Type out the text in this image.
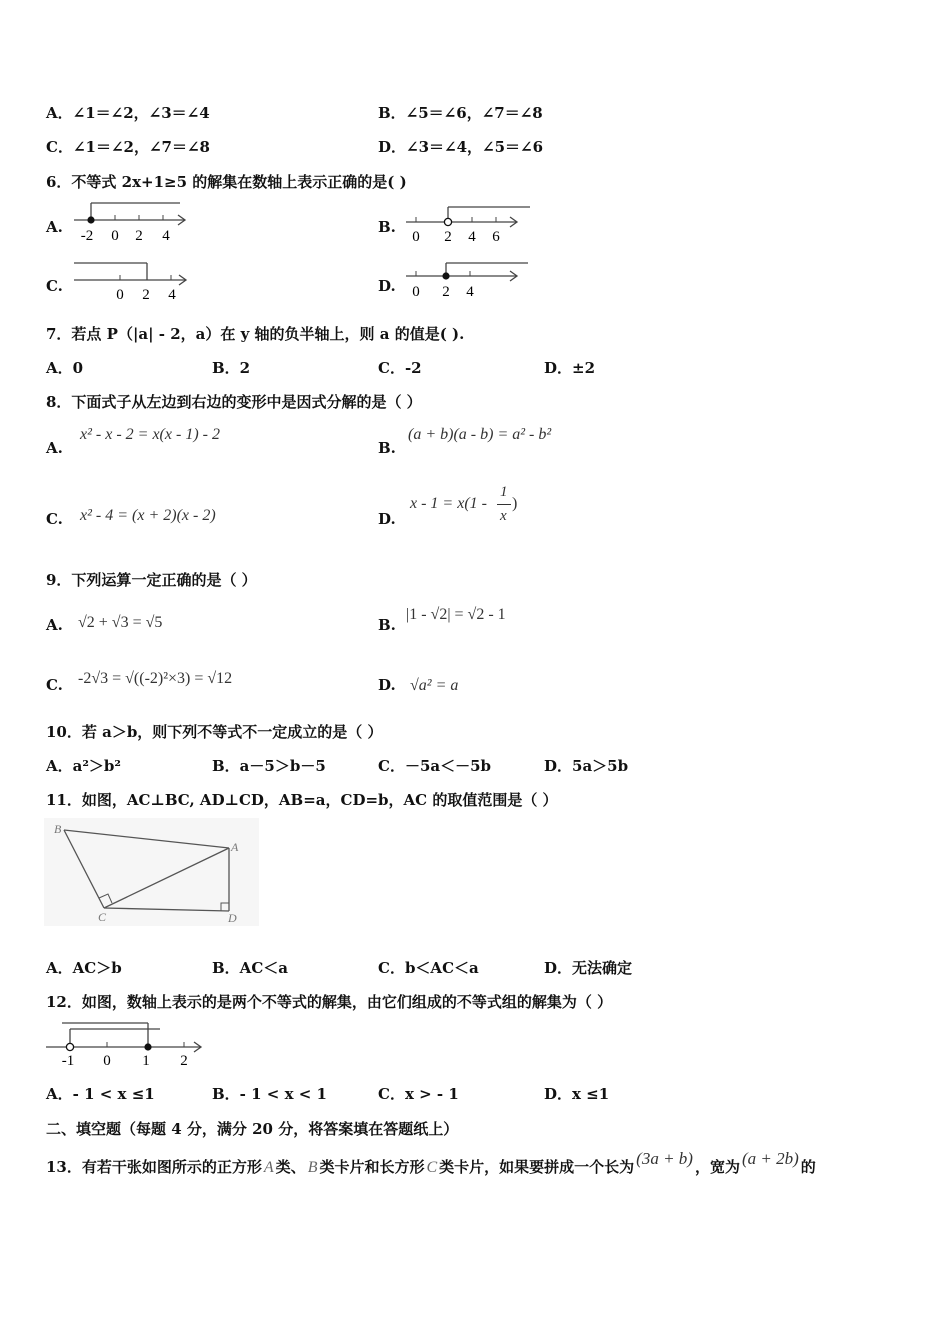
A．∠1＝∠2，∠3＝∠4	B．∠5＝∠6，∠7＝∠8
C．∠1＝∠2，∠7＝∠8	D．∠3＝∠4，∠5＝∠6
6．不等式 2x+1≥5 的解集在数轴上表示正确的是( )
A. -2 0 2 4	B.
0 2 4 6
C.	0 2 4	D. 0 2 4
7．若点 P（|a| - 2，a）在 y 轴的负半轴上，则 a 的值是( ).
A．0	B．2	C．-2	D．±2
8．下面式子从左边到右边的变形中是因式分解的是（ ）
A.
x² - x - 2 = x(x - 1) - 2
B.
(a + b)(a - b) = a² - b²
C. x² - 4 = (x + 2)(x - 2)	D.
x - 1 = x(1 -
1
x
)
9．下列运算一定正确的是（ ）
A. √2 + √3 = √5	B.
|1 - √2| = √2 - 1
C. -2√3 = √((-2)²×3) = √12	D. √a² = a
10．若 a＞b，则下列不等式不一定成立的是（ ）
A．a²＞b²	B．a－5＞b－5	C．－5a＜－5b	D．5a＞5b
11．如图，AC⊥BC, AD⊥CD，AB=a，CD=b，AC 的取值范围是（ ）
B
A
C	D
A．AC＞b	B．AC＜a	C．b＜AC＜a	D．无法确定
12．如图，数轴上表示的是两个不等式的解集，由它们组成的不等式组的解集为（ ）
-1 0 1 2
A．- 1 < x ≤1	B．- 1 < x < 1	C．x > - 1	D．x ≤1
二、填空题（每题 4 分，满分 20 分，将答案填在答题纸上）
13．有若干张如图所示的正方形 A 类、 B 类卡片和长方形 C 类卡片，如果要拼成一个长为 (3a + b) ，宽为 (a + 2b) 的
